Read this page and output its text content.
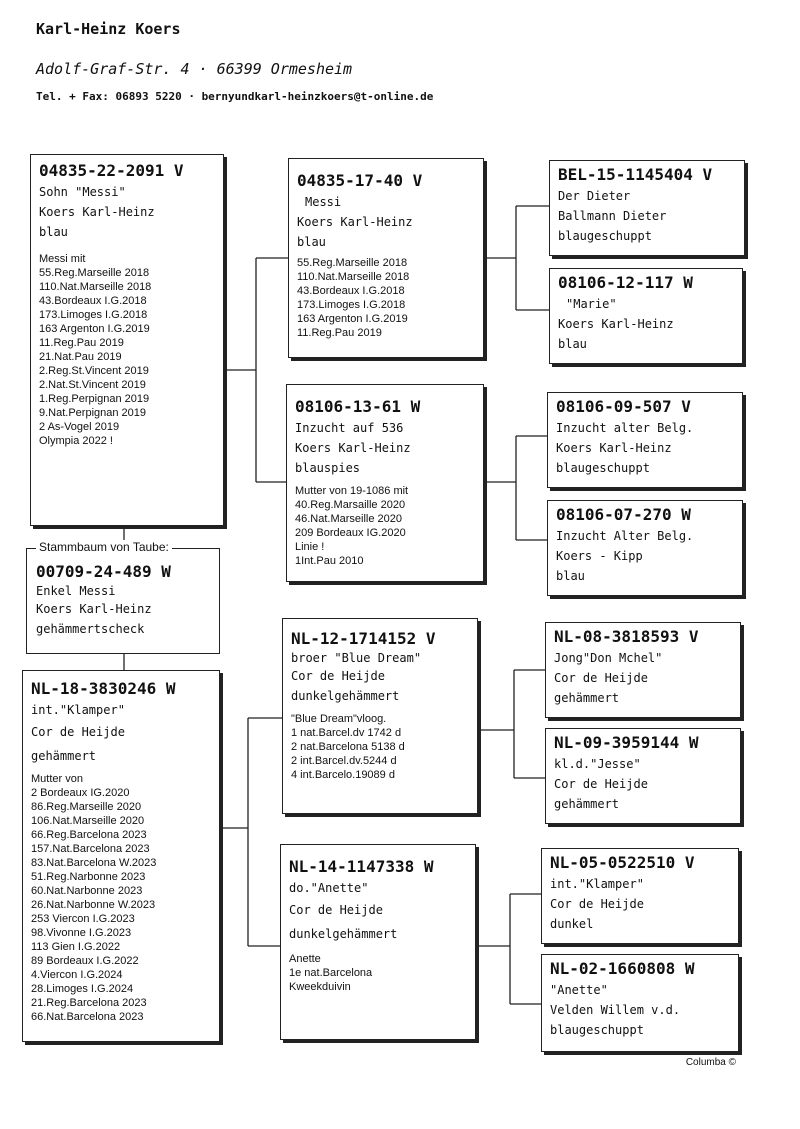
Karl-Heinz Koers
Adolf-Graf-Str. 4 · 66399 Ormesheim
Tel. + Fax: 06893 5220 · bernyundkarl-heinzkoers@t-online.de
04835-22-2091 V
Sohn "Messi"
Koers Karl-Heinz
blau
Messi mit
55.Reg.Marseille 2018
110.Nat.Marseille 2018
43.Bordeaux I.G.2018
173.Limoges I.G.2018
163 Argenton I.G.2019
11.Reg.Pau 2019
21.Nat.Pau 2019
2.Reg.St.Vincent 2019
2.Nat.St.Vincent 2019
1.Reg.Perpignan 2019
9.Nat.Perpignan 2019
2 As-Vogel 2019
Olympia 2022 !
Stammbaum von Taube:
00709-24-489 W
Enkel Messi
Koers Karl-Heinz
gehämmertscheck
NL-18-3830246 W
int."Klamper"
Cor de Heijde
gehämmert
Mutter von
2 Bordeaux IG.2020
86.Reg.Marseille 2020
106.Nat.Marseille 2020
66.Reg.Barcelona 2023
157.Nat.Barcelona 2023
83.Nat.Barcelona W.2023
51.Reg.Narbonne 2023
60.Nat.Narbonne 2023
26.Nat.Narbonne W.2023
253 Viercon I.G.2023
98.Vivonne I.G.2023
113 Gien I.G.2022
89 Bordeaux I.G.2022
4.Viercon I.G.2024
28.Limoges I.G.2024
21.Reg.Barcelona 2023
66.Nat.Barcelona 2023
04835-17-40 V
Messi
Koers Karl-Heinz
blau
55.Reg.Marseille 2018
110.Nat.Marseille 2018
43.Bordeaux I.G.2018
173.Limoges I.G.2018
163 Argenton I.G.2019
11.Reg.Pau 2019
08106-13-61 W
Inzucht auf 536
Koers Karl-Heinz
blauspies
Mutter von 19-1086 mit
40.Reg.Marsaille 2020
46.Nat.Marseille 2020
209 Bordeaux IG.2020
Linie !
1Int.Pau 2010
NL-12-1714152 V
broer "Blue Dream"
Cor de Heijde
dunkelgehämmert
"Blue Dream"vloog.
1 nat.Barcel.dv 1742 d
2 nat.Barcelona 5138 d
2 int.Barcel.dv.5244 d
4 int.Barcelo.19089 d
NL-14-1147338 W
do."Anette"
Cor de Heijde
dunkelgehämmert
Anette
1e nat.Barcelona
Kweekduivin
BEL-15-1145404 V
Der Dieter
Ballmann Dieter
blaugeschuppt
08106-12-117 W
"Marie"
Koers Karl-Heinz
blau
08106-09-507 V
Inzucht alter Belg.
Koers Karl-Heinz
blaugeschuppt
08106-07-270 W
Inzucht Alter Belg.
Koers - Kipp
blau
NL-08-3818593 V
Jong"Don Mchel"
Cor de Heijde
gehämmert
NL-09-3959144 W
kl.d."Jesse"
Cor de Heijde
gehämmert
NL-05-0522510 V
int."Klamper"
Cor de Heijde
dunkel
NL-02-1660808 W
"Anette"
Velden Willem v.d.
blaugeschuppt
Columba ©
